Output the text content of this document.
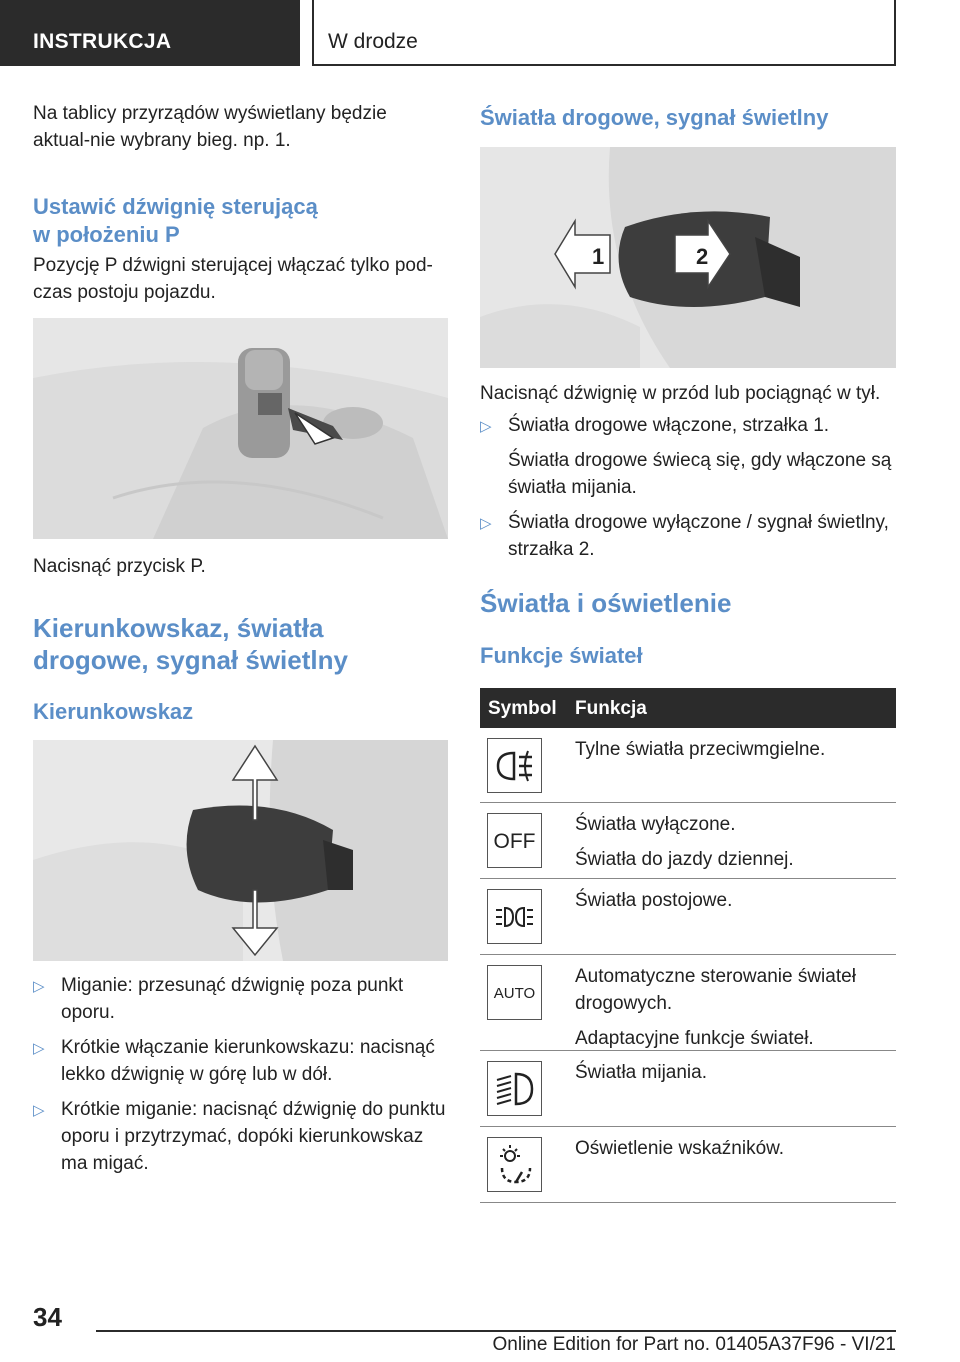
INSTRUKCJA	W drodze

Na tablicy przyrządów wyświetlany będzie aktual‐nie wybrany bieg. np. 1.

Ustawić dźwignię sterującą

w położeniu P

Pozycję P dźwigni sterującej włączać tylko pod‐czas postoju pojazdu.

Nacisnąć przycisk P.

Kierunkowskaz, światła

drogowe, sygnał świetlny

Kierunkowskaz

▷ Miganie: przesunąć dźwignię poza punkt oporu.
▷ Krótkie włączanie kierunkowskazu: nacisnąć lekko dźwignię w górę lub w dół.
▷ Krótkie miganie: nacisnąć dźwignię do punktu oporu i przytrzymać, dopóki kierunkowskaz ma migać.

Światła drogowe, sygnał świetlny

1	2

Nacisnąć dźwignię w przód lub pociągnąć w tył.

▷ Światła drogowe włączone, strzałka 1.

Światła drogowe świecą się, gdy włączone są światła mijania.

▷ Światła drogowe wyłączone / sygnał świetlny, strzałka 2.

Światła i oświetlenie

Funkcje świateł

Symbol Funkcja

Tylne światła przeciwmgielne.

OFF

Światła wyłączone.

Światła do jazdy dziennej.

Światła postojowe.

AUTO

Automatyczne sterowanie świateł drogowych.

Adaptacyjne funkcje świateł.

Światła mijania.

Oświetlenie wskaźników.

34
Online Edition for Part no. 01405A37F96 - VI/21
